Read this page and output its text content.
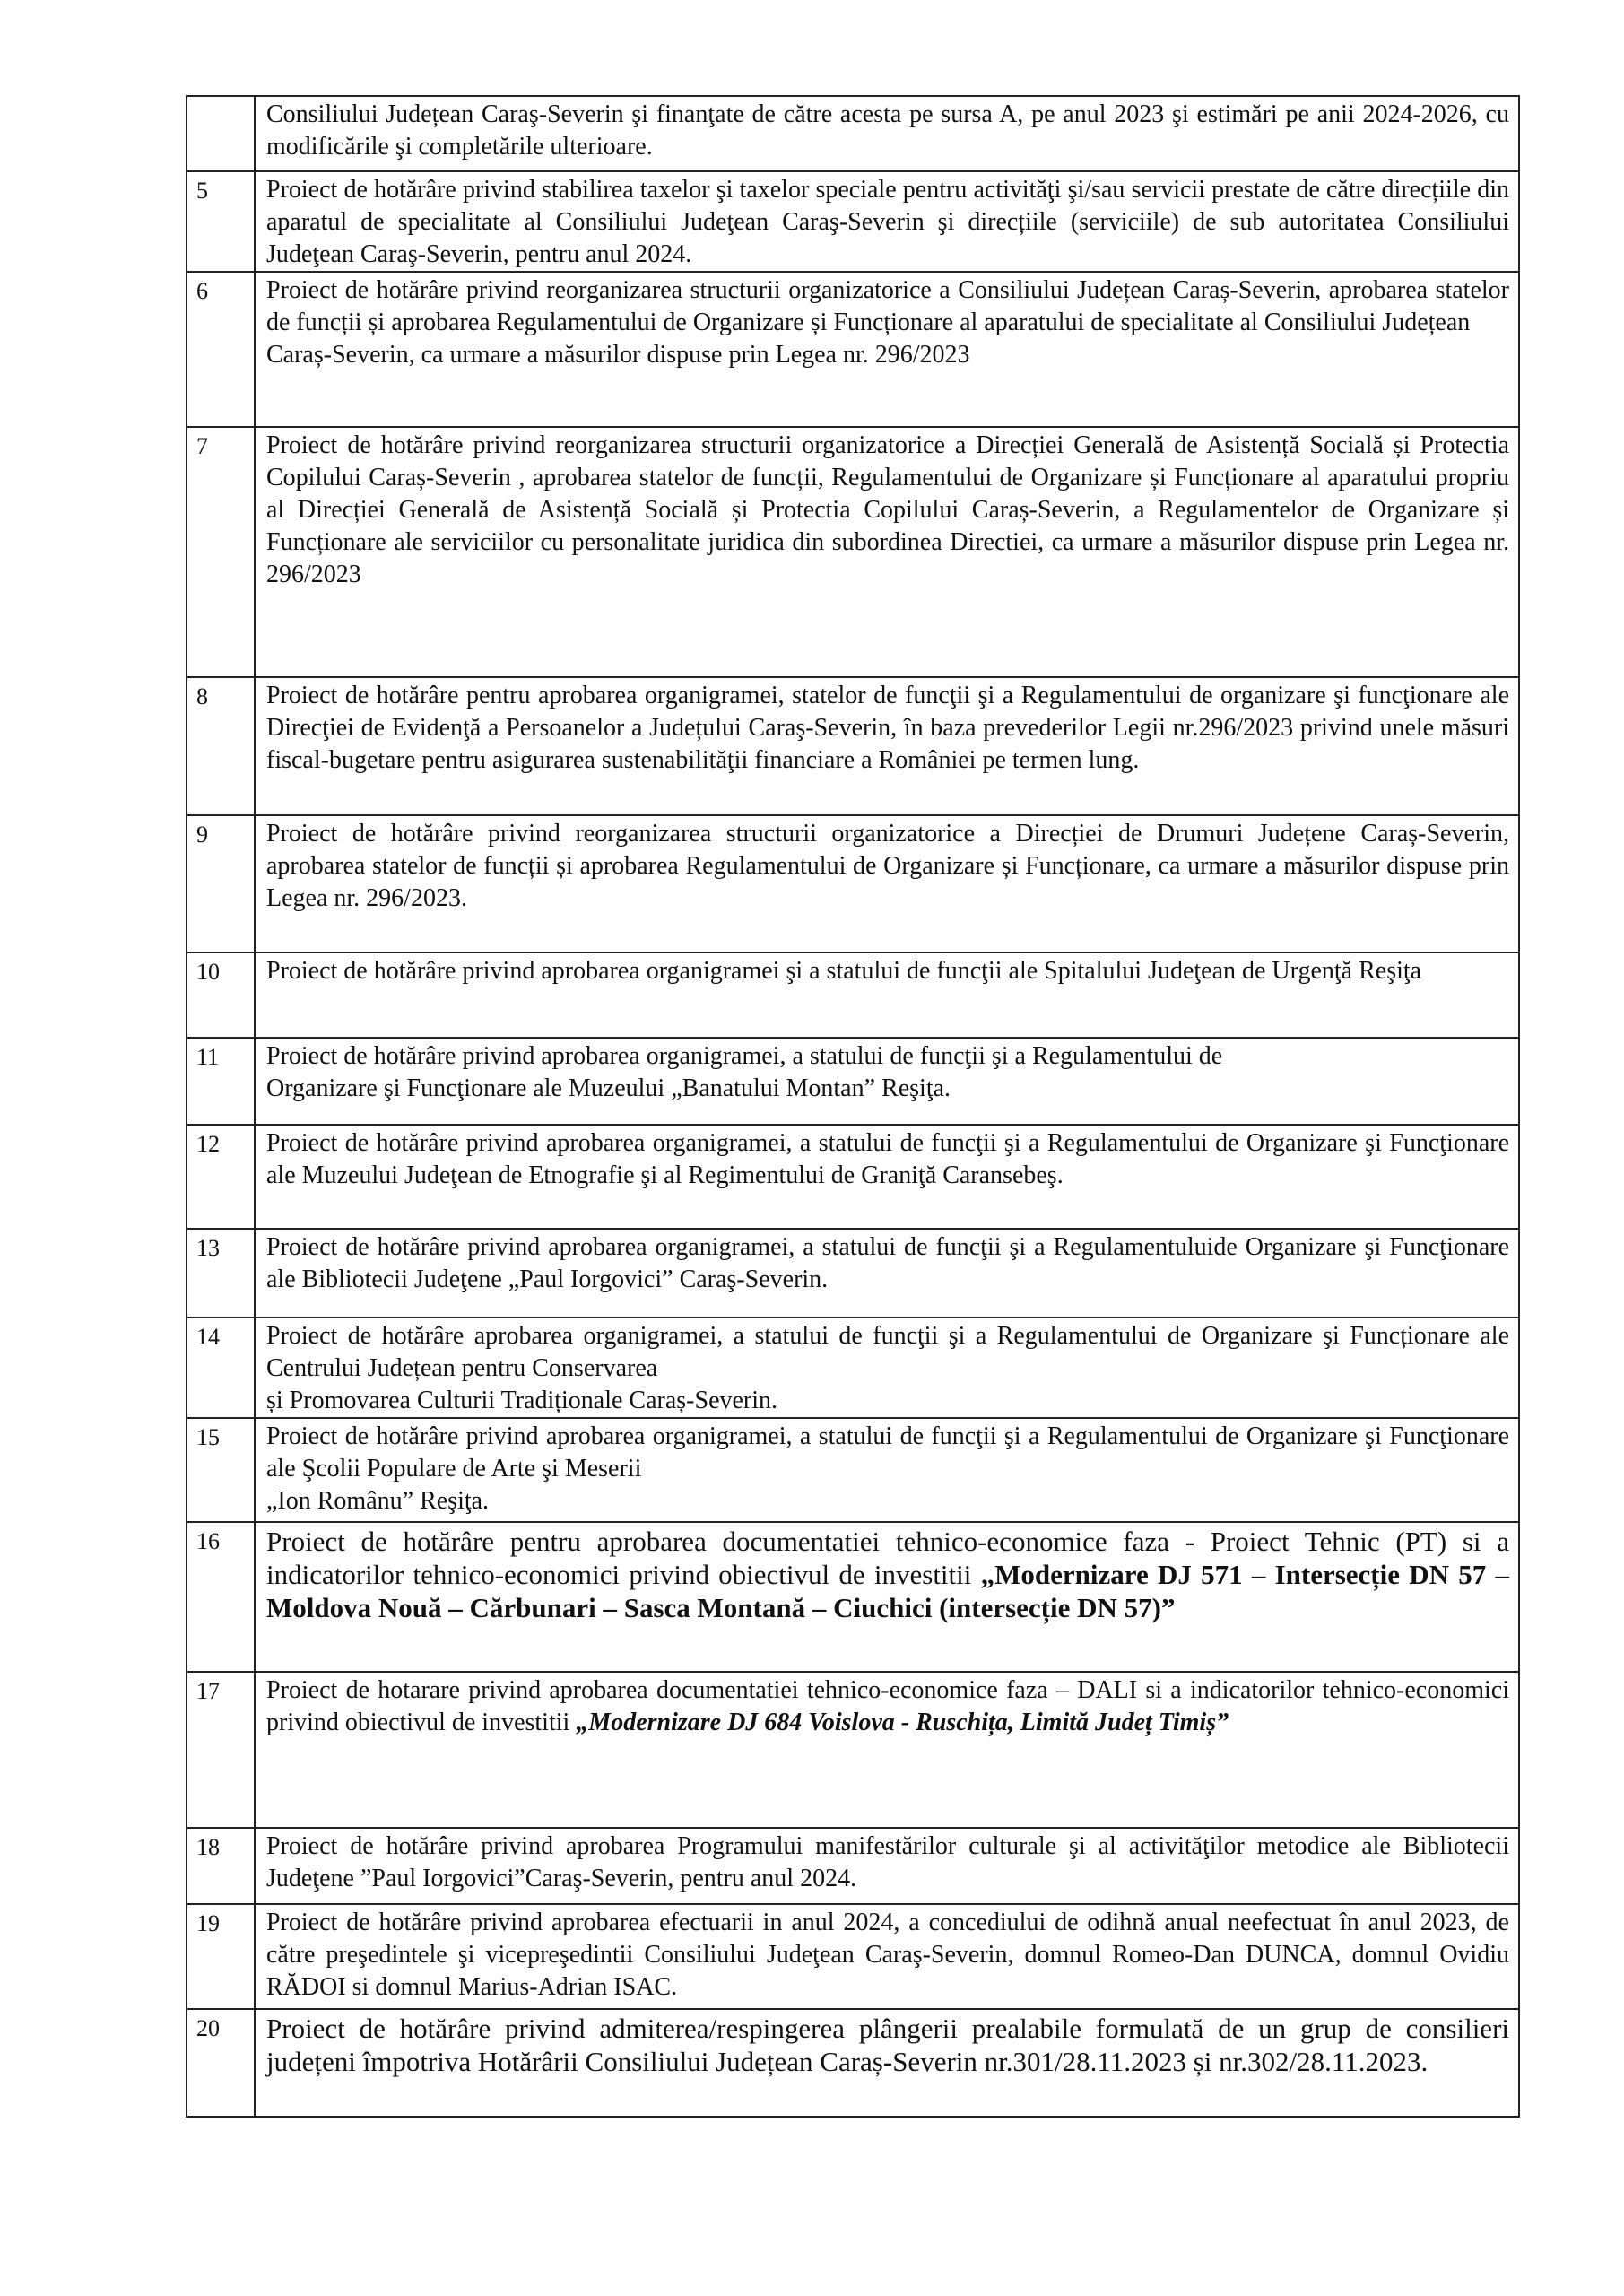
	Consiliului Județean Caraş-Severin şi finanţate de către acesta pe sursa A, pe anul 2023 şi estimări pe anii 2024-2026, cu modificările şi completările ulterioare.
5	Proiect de hotărâre privind stabilirea taxelor şi taxelor speciale pentru activităţi şi/sau servicii prestate de către direcțiile din aparatul de specialitate al Consiliului Judeţean Caraş-Severin şi direcțiile (serviciile) de sub autoritatea Consiliului Judeţean Caraş-Severin, pentru anul 2024.
6	Proiect de hotărâre privind reorganizarea structurii organizatorice a Consiliului Județean Caraș-Severin, aprobarea statelor de funcții și aprobarea Regulamentului de Organizare și Funcționare al aparatului de specialitate al Consiliului Județean
Caraș-Severin, ca urmare a măsurilor dispuse prin Legea nr. 296/2023

7	Proiect de hotărâre privind reorganizarea structurii organizatorice a Direcției Generală de Asistență Socială și Protectia Copilului Caraș-Severin , aprobarea statelor de funcții, Regulamentului de Organizare și Funcționare al aparatului propriu al Direcției Generală de Asistență Socială și Protectia Copilului Caraș-Severin, a Regulamentelor de Organizare și Funcționare ale serviciilor cu personalitate juridica din subordinea Directiei, ca urmare a măsurilor dispuse prin Legea nr. 296/2023
8	Proiect de hotărâre pentru aprobarea organigramei, statelor de funcţii şi a Regulamentului de organizare şi funcţionare ale Direcţiei de Evidenţă a Persoanelor a Județului Caraş-Severin, în baza prevederilor Legii nr.296/2023 privind unele măsuri fiscal-bugetare pentru asigurarea sustenabilităţii financiare a României pe termen lung.
9	Proiect de hotărâre privind reorganizarea structurii organizatorice a Direcției de Drumuri Județene Caraș-Severin, aprobarea statelor de funcții și aprobarea Regulamentului de Organizare și Funcționare, ca urmare a măsurilor dispuse prin Legea nr. 296/2023.
10	Proiect de hotărâre privind aprobarea organigramei şi a statului de funcţii ale Spitalului Judeţean de Urgenţă Reşiţa
11	Proiect de hotărâre privind aprobarea organigramei, a statului de funcţii şi a Regulamentului de
Organizare şi Funcţionare ale Muzeului „Banatului Montan” Reşiţa.

12	Proiect de hotărâre privind aprobarea organigramei, a statului de funcţii şi a Regulamentului de Organizare şi Funcţionare ale Muzeului Judeţean de Etnografie şi al Regimentului de Graniţă Caransebeş.
13	Proiect de hotărâre privind aprobarea organigramei, a statului de funcţii şi a Regulamentuluide Organizare şi Funcţionare ale Bibliotecii Judeţene „Paul Iorgovici” Caraş-Severin.
14	Proiect de hotărâre aprobarea organigramei, a statului de funcţii şi a Regulamentului de Organizare şi Funcționare ale Centrului Județean pentru Conservarea
și Promovarea Culturii Tradiționale Caraș-Severin.

15	Proiect de hotărâre privind aprobarea organigramei, a statului de funcţii şi a Regulamentului de Organizare şi Funcţionare ale Şcolii Populare de Arte şi Meserii
„Ion Românu” Reşiţa.

16	Proiect de hotărâre pentru aprobarea documentatiei tehnico-economice faza - Proiect Tehnic (PT) si a indicatorilor tehnico-economici privind obiectivul de investitii „Modernizare DJ 571 – Intersecție DN 57 – Moldova Nouă – Cărbunari – Sasca Montană – Ciuchici (intersecție DN 57)”
17	Proiect de hotarare privind aprobarea documentatiei tehnico-economice faza – DALI si a indicatorilor tehnico-economici privind obiectivul de investitii „Modernizare DJ 684 Voislova - Ruschița, Limită Județ Timiș”
18	Proiect de hotărâre privind aprobarea Programului manifestărilor culturale şi al activităţilor metodice ale Bibliotecii Judeţene ”Paul Iorgovici”Caraş-Severin, pentru anul 2024.
19	Proiect de hotărâre privind aprobarea efectuarii in anul 2024, a concediului de odihnă anual neefectuat în anul 2023, de către preşedintele şi vicepreşedintii Consiliului Judeţean Caraş-Severin, domnul Romeo-Dan DUNCA, domnul Ovidiu RĂDOI si domnul Marius-Adrian ISAC.
20	Proiect de hotărâre privind admiterea/respingerea plângerii prealabile formulată de un grup de consilieri județeni împotriva Hotărârii Consiliului Județean Caraș-Severin nr.301/28.11.2023 și nr.302/28.11.2023.
